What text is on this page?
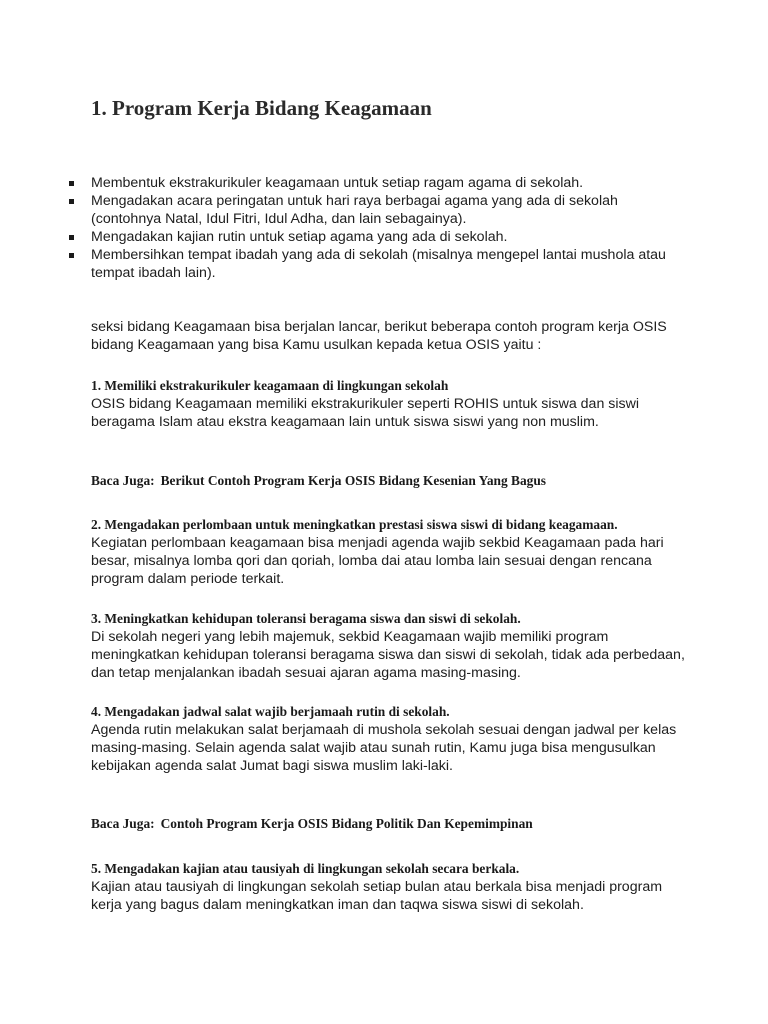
1. Program Kerja Bidang Keagamaan
Membentuk ekstrakurikuler keagamaan untuk setiap ragam agama di sekolah.
Mengadakan acara peringatan untuk hari raya berbagai agama yang ada di sekolah (contohnya Natal, Idul Fitri, Idul Adha, dan lain sebagainya).
Mengadakan kajian rutin untuk setiap agama yang ada di sekolah.
Membersihkan tempat ibadah yang ada di sekolah (misalnya mengepel lantai mushola atau tempat ibadah lain).

seksi bidang Keagamaan bisa berjalan lancar, berikut beberapa contoh program kerja OSIS bidang Keagamaan yang bisa Kamu usulkan kepada ketua OSIS yaitu :

1. Memiliki ekstrakurikuler keagamaan di lingkungan sekolah
OSIS bidang Keagamaan memiliki ekstrakurikuler seperti ROHIS untuk siswa dan siswi beragama Islam atau ekstra keagamaan lain untuk siswa siswi yang non muslim.
Baca Juga: Berikut Contoh Program Kerja OSIS Bidang Kesenian Yang Bagus
2. Mengadakan perlombaan untuk meningkatkan prestasi siswa siswi di bidang keagamaan.
Kegiatan perlombaan keagamaan bisa menjadi agenda wajib sekbid Keagamaan pada hari besar, misalnya lomba qori dan qoriah, lomba dai atau lomba lain sesuai dengan rencana program dalam periode terkait.
3. Meningkatkan kehidupan toleransi beragama siswa dan siswi di sekolah.
Di sekolah negeri yang lebih majemuk, sekbid Keagamaan wajib memiliki program meningkatkan kehidupan toleransi beragama siswa dan siswi di sekolah, tidak ada perbedaan, dan tetap menjalankan ibadah sesuai ajaran agama masing-masing.
4. Mengadakan jadwal salat wajib berjamaah rutin di sekolah.
Agenda rutin melakukan salat berjamaah di mushola sekolah sesuai dengan jadwal per kelas masing-masing. Selain agenda salat wajib atau sunah rutin, Kamu juga bisa mengusulkan kebijakan agenda salat Jumat bagi siswa muslim laki-laki.
Baca Juga: Contoh Program Kerja OSIS Bidang Politik Dan Kepemimpinan
5. Mengadakan kajian atau tausiyah di lingkungan sekolah secara berkala.
Kajian atau tausiyah di lingkungan sekolah setiap bulan atau berkala bisa menjadi program kerja yang bagus dalam meningkatkan iman dan taqwa siswa siswi di sekolah.
